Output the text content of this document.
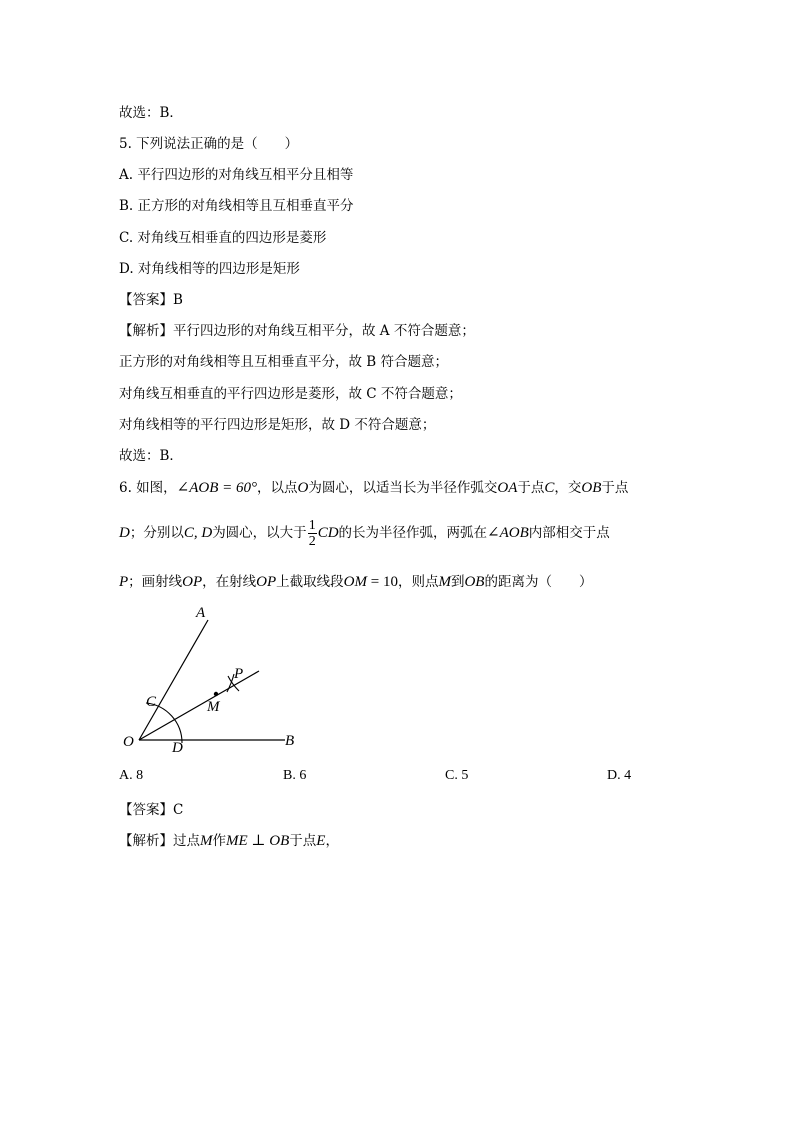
故选：B．
5. 下列说法正确的是（　　）
A. 平行四边形的对角线互相平分且相等
B. 正方形的对角线相等且互相垂直平分
C. 对角线互相垂直的四边形是菱形
D. 对角线相等的四边形是矩形
【答案】B
【解析】平行四边形的对角线互相平分，故 A 不符合题意；
正方形的对角线相等且互相垂直平分，故 B 符合题意；
对角线互相垂直的平行四边形是菱形，故 C 不符合题意；
对角线相等的平行四边形是矩形，故 D 不符合题意；
故选：B．
6. 如图，∠AOB = 60°，以点O为圆心，以适当长为半径作弧交OA于点C，交OB于点
D；分别以C, D为圆心，以大于 $\frac{1}{2}$ CD的长为半径作弧，两弧在∠AOB内部相交于点
P；画射线OP，在射线OP上截取线段OM = 10，则点M到OB的距离为（　　）
A
P
C	M
O	D	B
A. 8	B. 6	C. 5	D. 4
【答案】C
【解析】过点M作ME ⊥ OB于点E，
